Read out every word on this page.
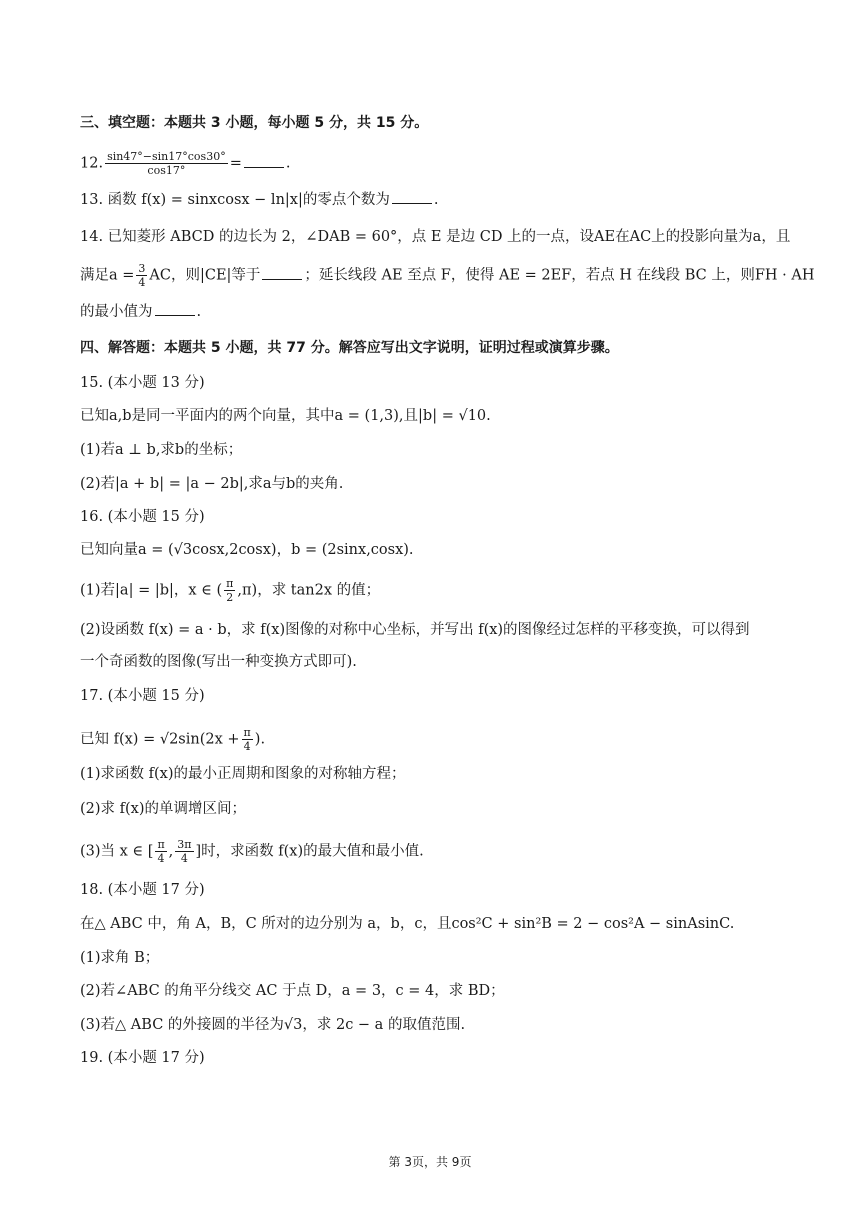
三、填空题：本题共 3 小题，每小题 5 分，共 15 分。
12. $\frac{\sin 47^\circ-\sin 17^\circ\cos 30^\circ}{\cos 17^\circ}$ =	.
13. 函数 f(x) = sinxcosx − ln|x|的零点个数为	.
14. 已知菱形 ABCD 的边长为 2，∠DAB = 60°，点 E 是边 CD 上的一点，设AE在AC上的投影向量为a，且
满足$a = \frac{3}{4}$ AC，则|CE|等于	；延长线段 AE 至点 F，使得 AE = 2EF，若点 H 在线段 BC 上，则FH · AH
的最小值为	.
四、解答题：本题共 5 小题，共 77 分。解答应写出文字说明，证明过程或演算步骤。
15. (本小题 13 分)
已知a,b是同一平面内的两个向量，其中a = (1,3),且|b| = √10.
(1)若a ⊥ b,求b的坐标；
(2)若|a + b| = |a − 2b|,求a与b的夹角.
16. (本小题 15 分)
已知向量a = (√3cosx,2cosx)，b = (2sinx,cosx).
(1)若|a| = |b|，x ∈ ( $\frac{\pi}{2} ,\pi$)，求 tan2x 的值；
(2)设函数 f(x) = a · b，求 f(x)图像的对称中心坐标，并写出 f(x)的图像经过怎样的平移变换，可以得到
一个奇函数的图像(写出一种变换方式即可).
17. (本小题 15 分)
已知 $f(x) = √2\sin(2x + \frac{\pi}{4}$ ).
(1)求函数 f(x)的最小正周期和图象的对称轴方程；
(2)求 f(x)的单调增区间；
(3)当 x ∈ [ $\frac{\pi}{4}$ , $\frac{3\pi}{4}$ ]时，求函数 f(x)的最大值和最小值.
18. (本小题 17 分)
在△ ABC 中，角 A，B，C 所对的边分别为 a，b，c，且cos²C + sin²B = 2 − cos²A − sinAsinC.
(1)求角 B；
(2)若∠ABC 的角平分线交 AC 于点 D，a = 3，c = 4，求 BD；
(3)若△ ABC 的外接圆的半径为√3，求 2c − a 的取值范围.
19. (本小题 17 分)
第 3页，共 9页
